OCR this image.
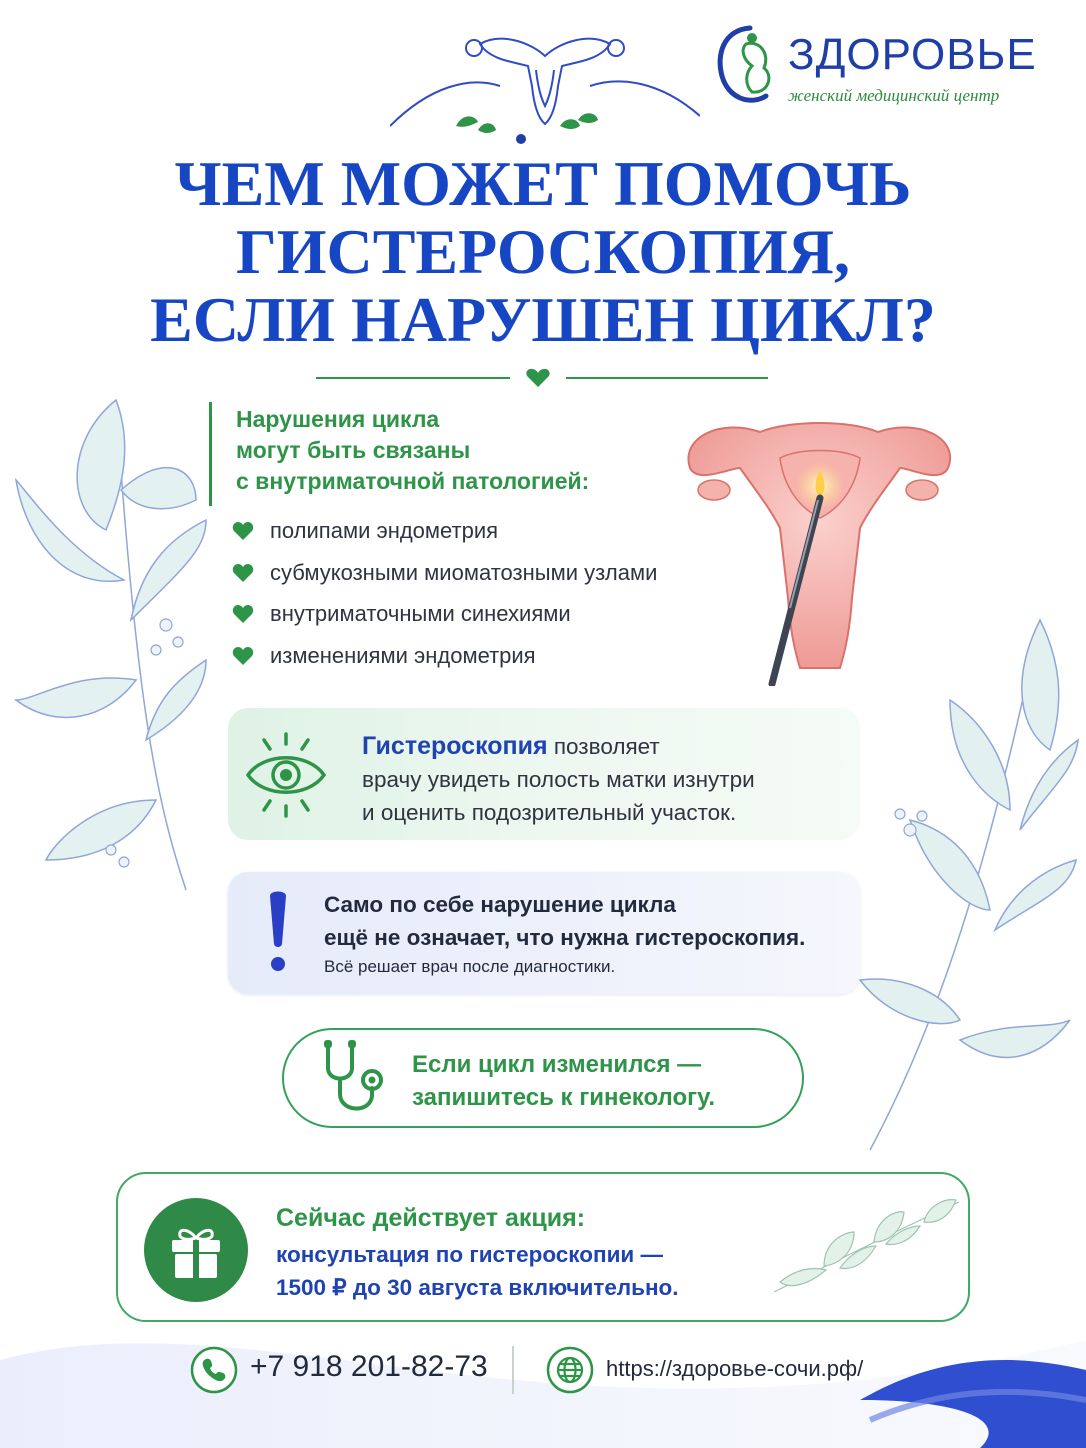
ЗДОРОВЬЕ
женский медицинский центр
ЧЕМ МОЖЕТ ПОМОЧЬ
ГИСТЕРОСКОПИЯ,
ЕСЛИ НАРУШЕН ЦИКЛ?
Нарушения цикла
могут быть связаны
с внутриматочной патологией:
полипами эндометрия
субмукозными миоматозными узлами
внутриматочными синехиями
изменениями эндометрия
Гистероскопия позволяет
врачу увидеть полость матки изнутри
и оценить подозрительный участок.
Само по себе нарушение цикла
ещё не означает, что нужна гистероскопия.
Всё решает врач после диагностики.
Если цикл изменился —
запишитесь к гинекологу.
Сейчас действует акция:
консультация по гистероскопии —
1500 ₽ до 30 августа включительно.
+7 918 201-82-73	https://здоровье-сочи.рф/
